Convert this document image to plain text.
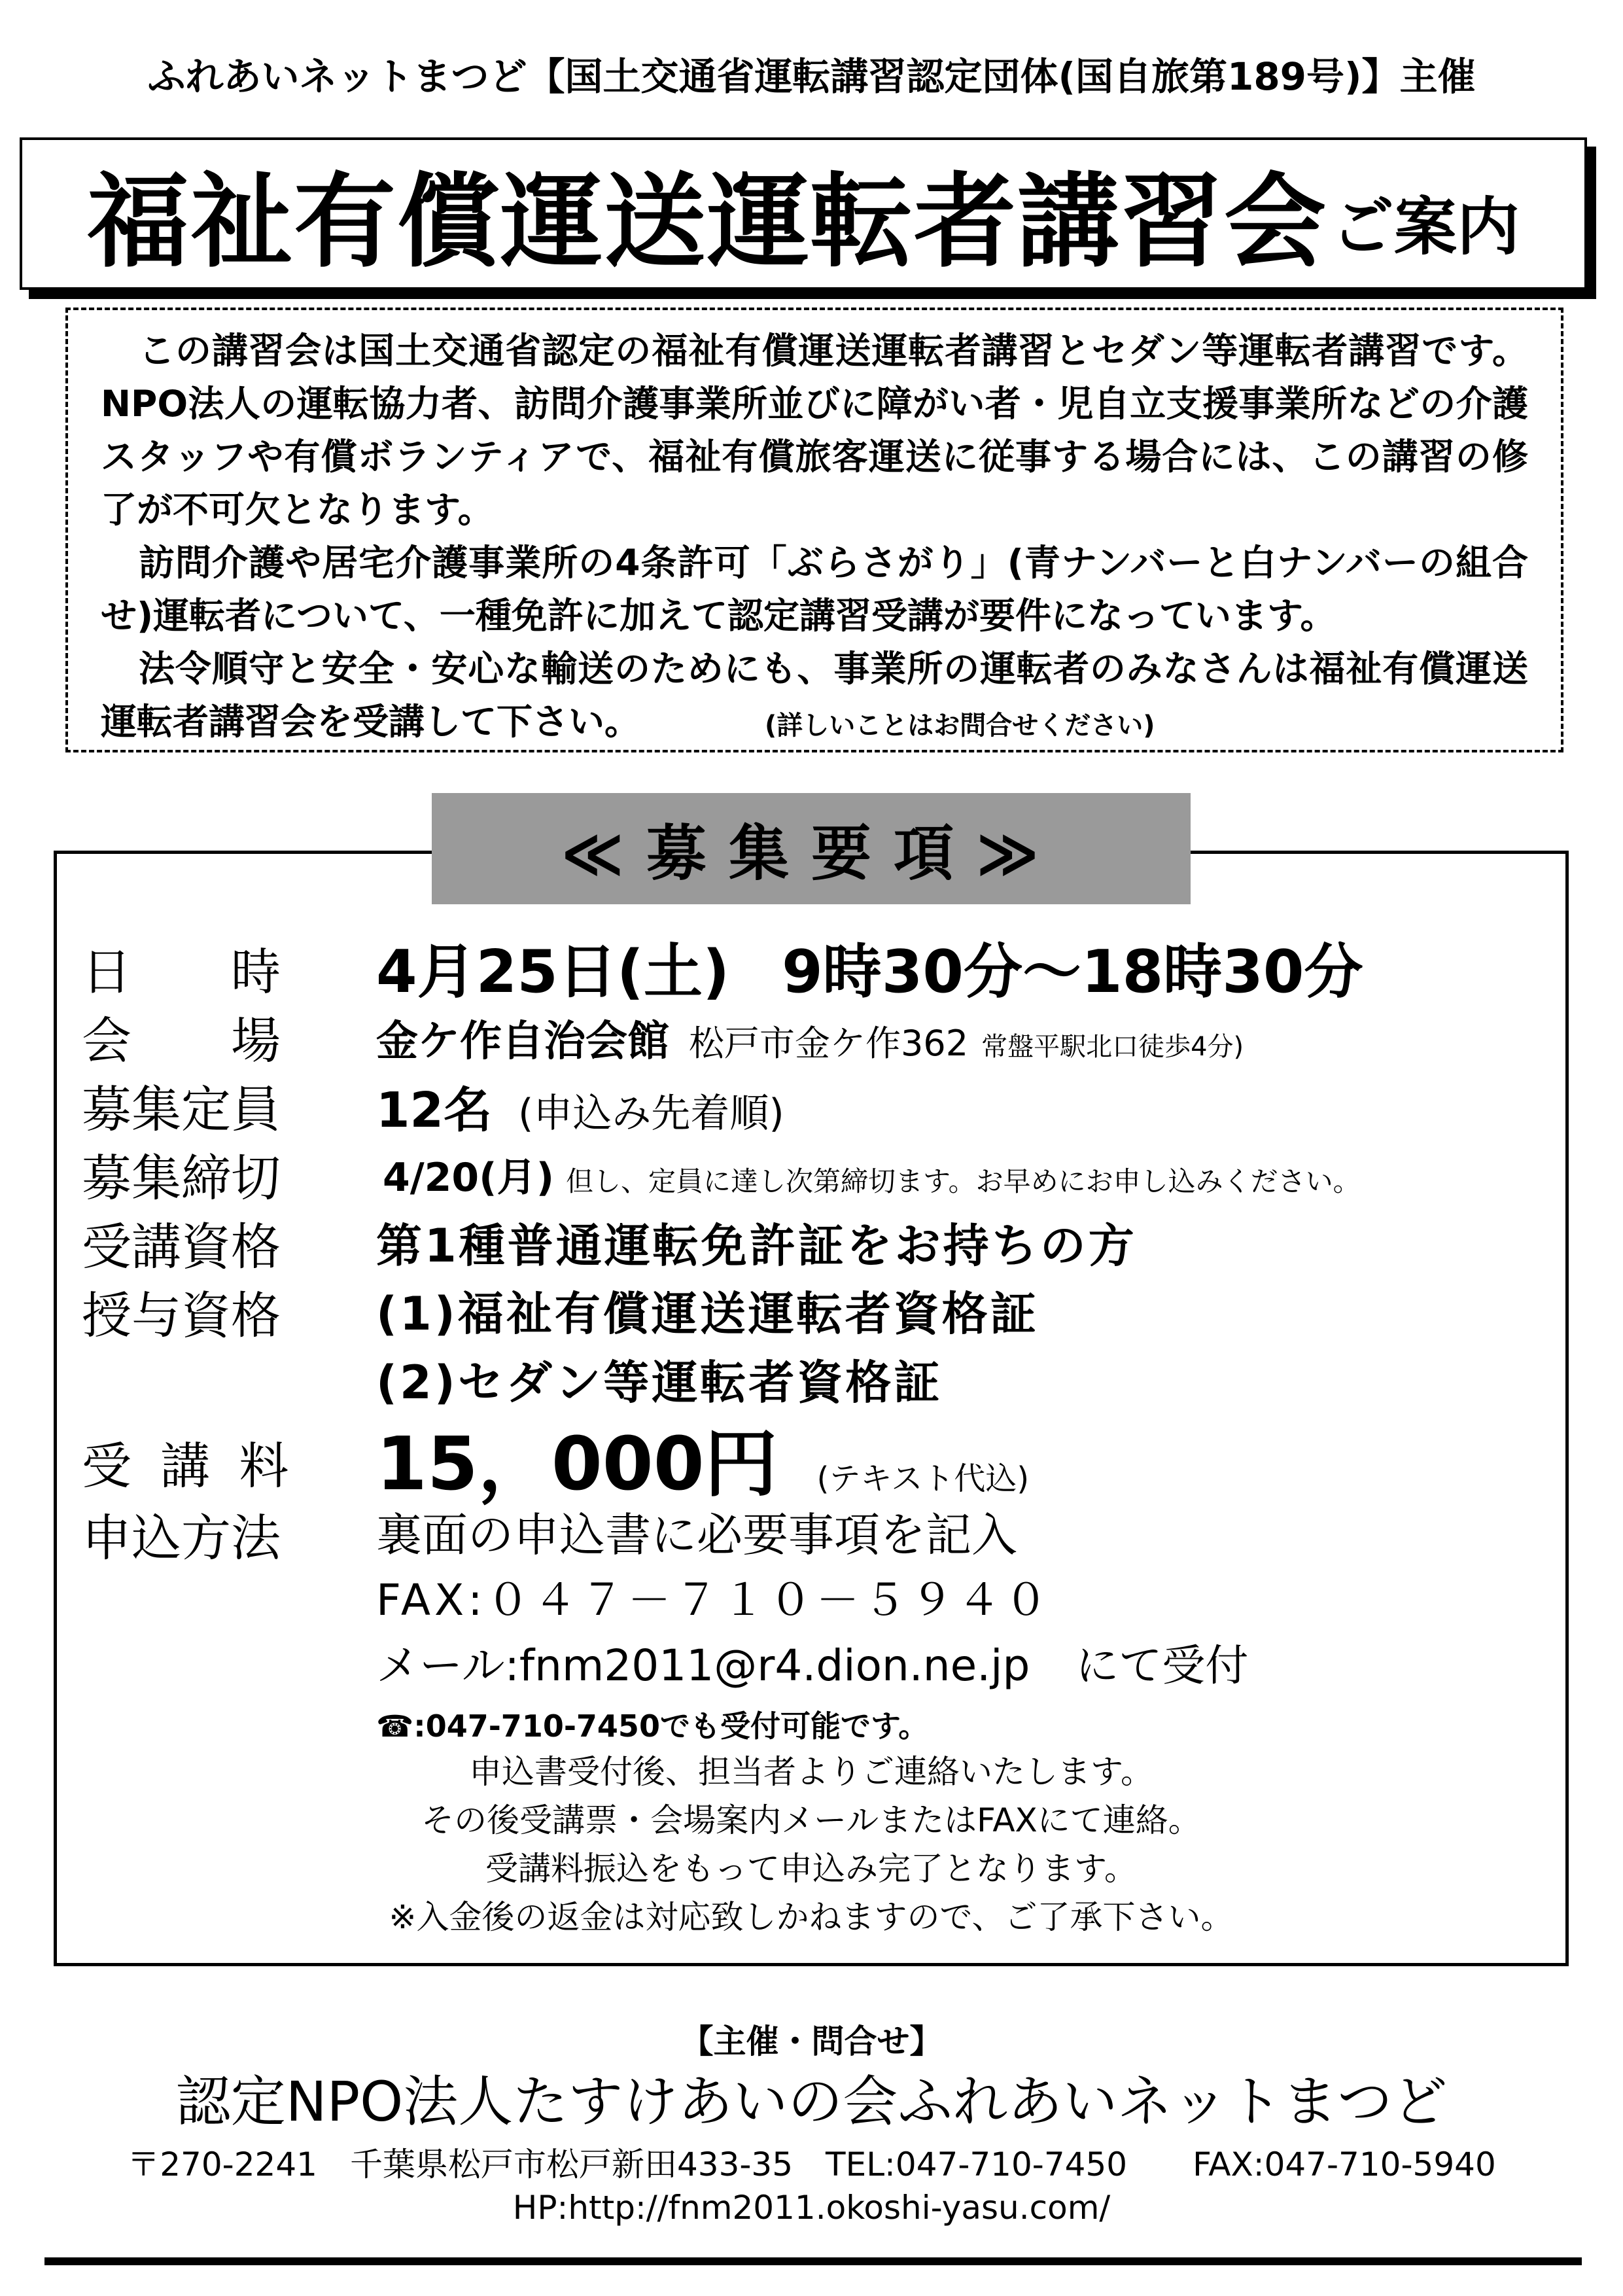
ふれあいネットまつど【国土交通省運転講習認定団体(国自旅第189号)】主催
福祉有償運送運転者講習会 ご案内

この講習会は国土交通省認定の福祉有償運送運転者講習とセダン等運転者講習です。NPO法人の運転協力者、訪問介護事業所並びに障がい者・児自立支援事業所などの介護スタッフや有償ボランティアで、福祉有償旅客運送に従事する場合には、この講習の修了が不可欠となります。

訪問介護や居宅介護事業所の4条許可「ぶらさがり」(青ナンバーと白ナンバーの組合せ)運転者について、一種免許に加えて認定講習受講が要件になっています。

法令順守と安全・安心な輸送のためにも、事業所の運転者のみなさんは福祉有償運送運転者講習会を受講して下さい。	(詳しいことはお問合せください)

≪募集要項≫
日　　時 4月25日(土) 9時30分～18時30分
会　　場 金ケ作自治会館 松戸市金ケ作362 常盤平駅北口徒歩4分)
募集定員 12名 (申込み先着順)
募集締切	4/20(月) 但し、定員に達し次第締切ます。お早めにお申し込みください。
受講資格 第1種普通運転免許証をお持ちの方
授与資格 (1)福祉有償運送運転者資格証
(2)セダン等運転者資格証
受 講 料 15，000円 (テキスト代込)
申込方法 裏面の申込書に必要事項を記入
FAX:０４７－７１０－５９４０
メール:fnm2011@r4.dion.ne.jp にて受付
☎:047-710-7450でも受付可能です。
申込書受付後、担当者よりご連絡いたします。
その後受講票・会場案内メールまたはFAXにて連絡。
受講料振込をもって申込み完了となります。
※入金後の返金は対応致しかねますので、ご了承下さい。
【主催・問合せ】
認定NPO法人たすけあいの会ふれあいネットまつど
〒270-2241　千葉県松戸市松戸新田433-35　TEL:047-710-7450　　FAX:047-710-5940
HP:http://fnm2011.okoshi-yasu.com/
